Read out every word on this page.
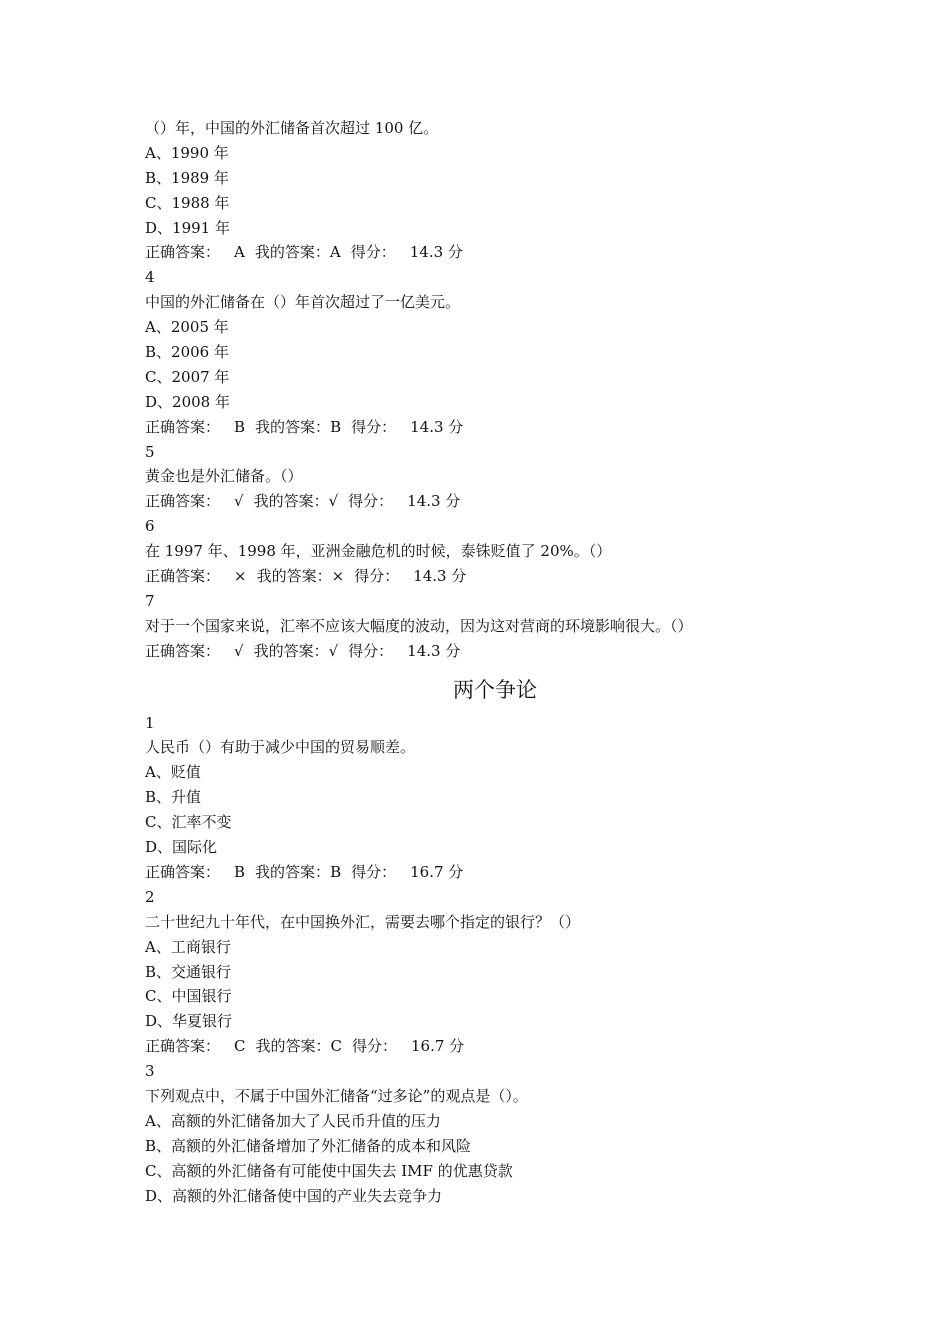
（）年，中国的外汇储备首次超过 100 亿。
A、1990 年
B、1989 年
C、1988 年
D、1991 年
正确答案： A 我的答案：A 得分： 14.3 分
4
中国的外汇储备在（）年首次超过了一亿美元。
A、2005 年
B、2006 年
C、2007 年
D、2008 年
正确答案： B 我的答案：B 得分： 14.3 分
5
黄金也是外汇储备。（）
正确答案： √ 我的答案：√ 得分： 14.3 分
6
在 1997 年、1998 年，亚洲金融危机的时候，泰铢贬值了 20%。（）
正确答案： × 我的答案：× 得分： 14.3 分
7
对于一个国家来说，汇率不应该大幅度的波动，因为这对营商的环境影响很大。（）
正确答案： √ 我的答案：√ 得分： 14.3 分
两个争论
1
人民币（）有助于减少中国的贸易顺差。
A、贬值
B、升值
C、汇率不变
D、国际化
正确答案： B 我的答案：B 得分： 16.7 分
2
二十世纪九十年代，在中国换外汇，需要去哪个指定的银行？（）
A、工商银行
B、交通银行
C、中国银行
D、华夏银行
正确答案： C 我的答案：C 得分： 16.7 分
3
下列观点中，不属于中国外汇储备“过多论”的观点是（）。
A、高额的外汇储备加大了人民币升值的压力
B、高额的外汇储备增加了外汇储备的成本和风险
C、高额的外汇储备有可能使中国失去 IMF 的优惠贷款
D、高额的外汇储备使中国的产业失去竞争力
